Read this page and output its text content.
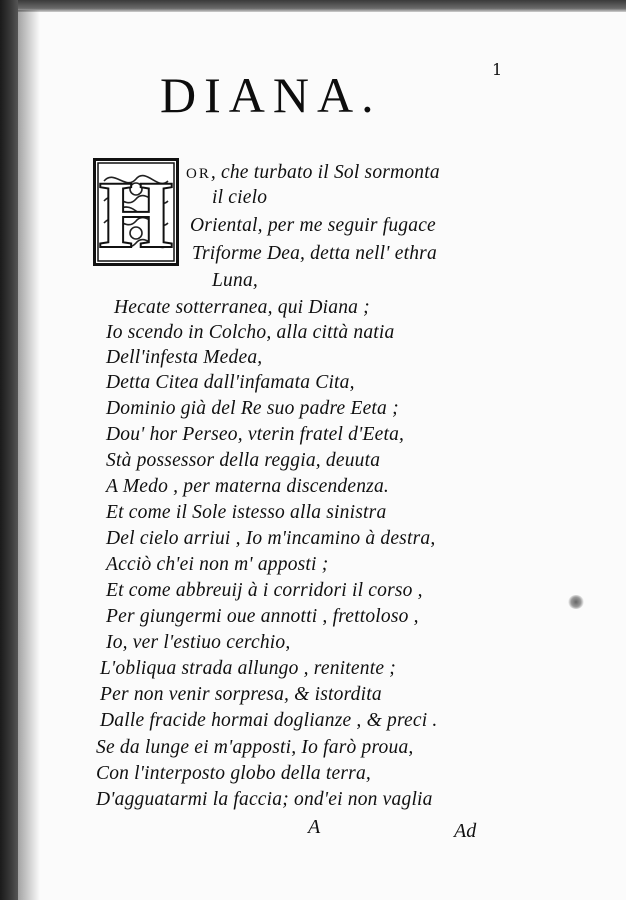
1
DIANA.
H OR, che turbato il Sol sormonta
il cielo
Oriental, per me seguir fugace
Triforme Dea, detta nell' ethra
Luna,
Hecate sotterranea, qui Diana ;
Io scendo in Colcho, alla città natia
Dell'infesta Medea,
Detta Citea dall'infamata Cita,
Dominio già del Re suo padre Eeta ;
Dou' hor Perseo, vterin fratel d'Eeta,
Stà possessor della reggia, deuuta
A Medo , per materna discendenza.
Et come il Sole istesso alla sinistra
Del cielo arriui , Io m'incamino à destra,
Acciò ch'ei non m' apposti ;
Et come abbreuij à i corridori il corso ,
Per giungermi oue annotti , frettoloso ,
Io, ver l'estiuo cerchio,
L'obliqua strada allungo , renitente ;
Per non venir sorpresa, & istordita
Dalle fracide hormai doglianze , & preci .
Se da lunge ei m'apposti, Io farò proua,
Con l'interposto globo della terra,
D'agguatarmi la faccia; ond'ei non vaglia
A	Ad
